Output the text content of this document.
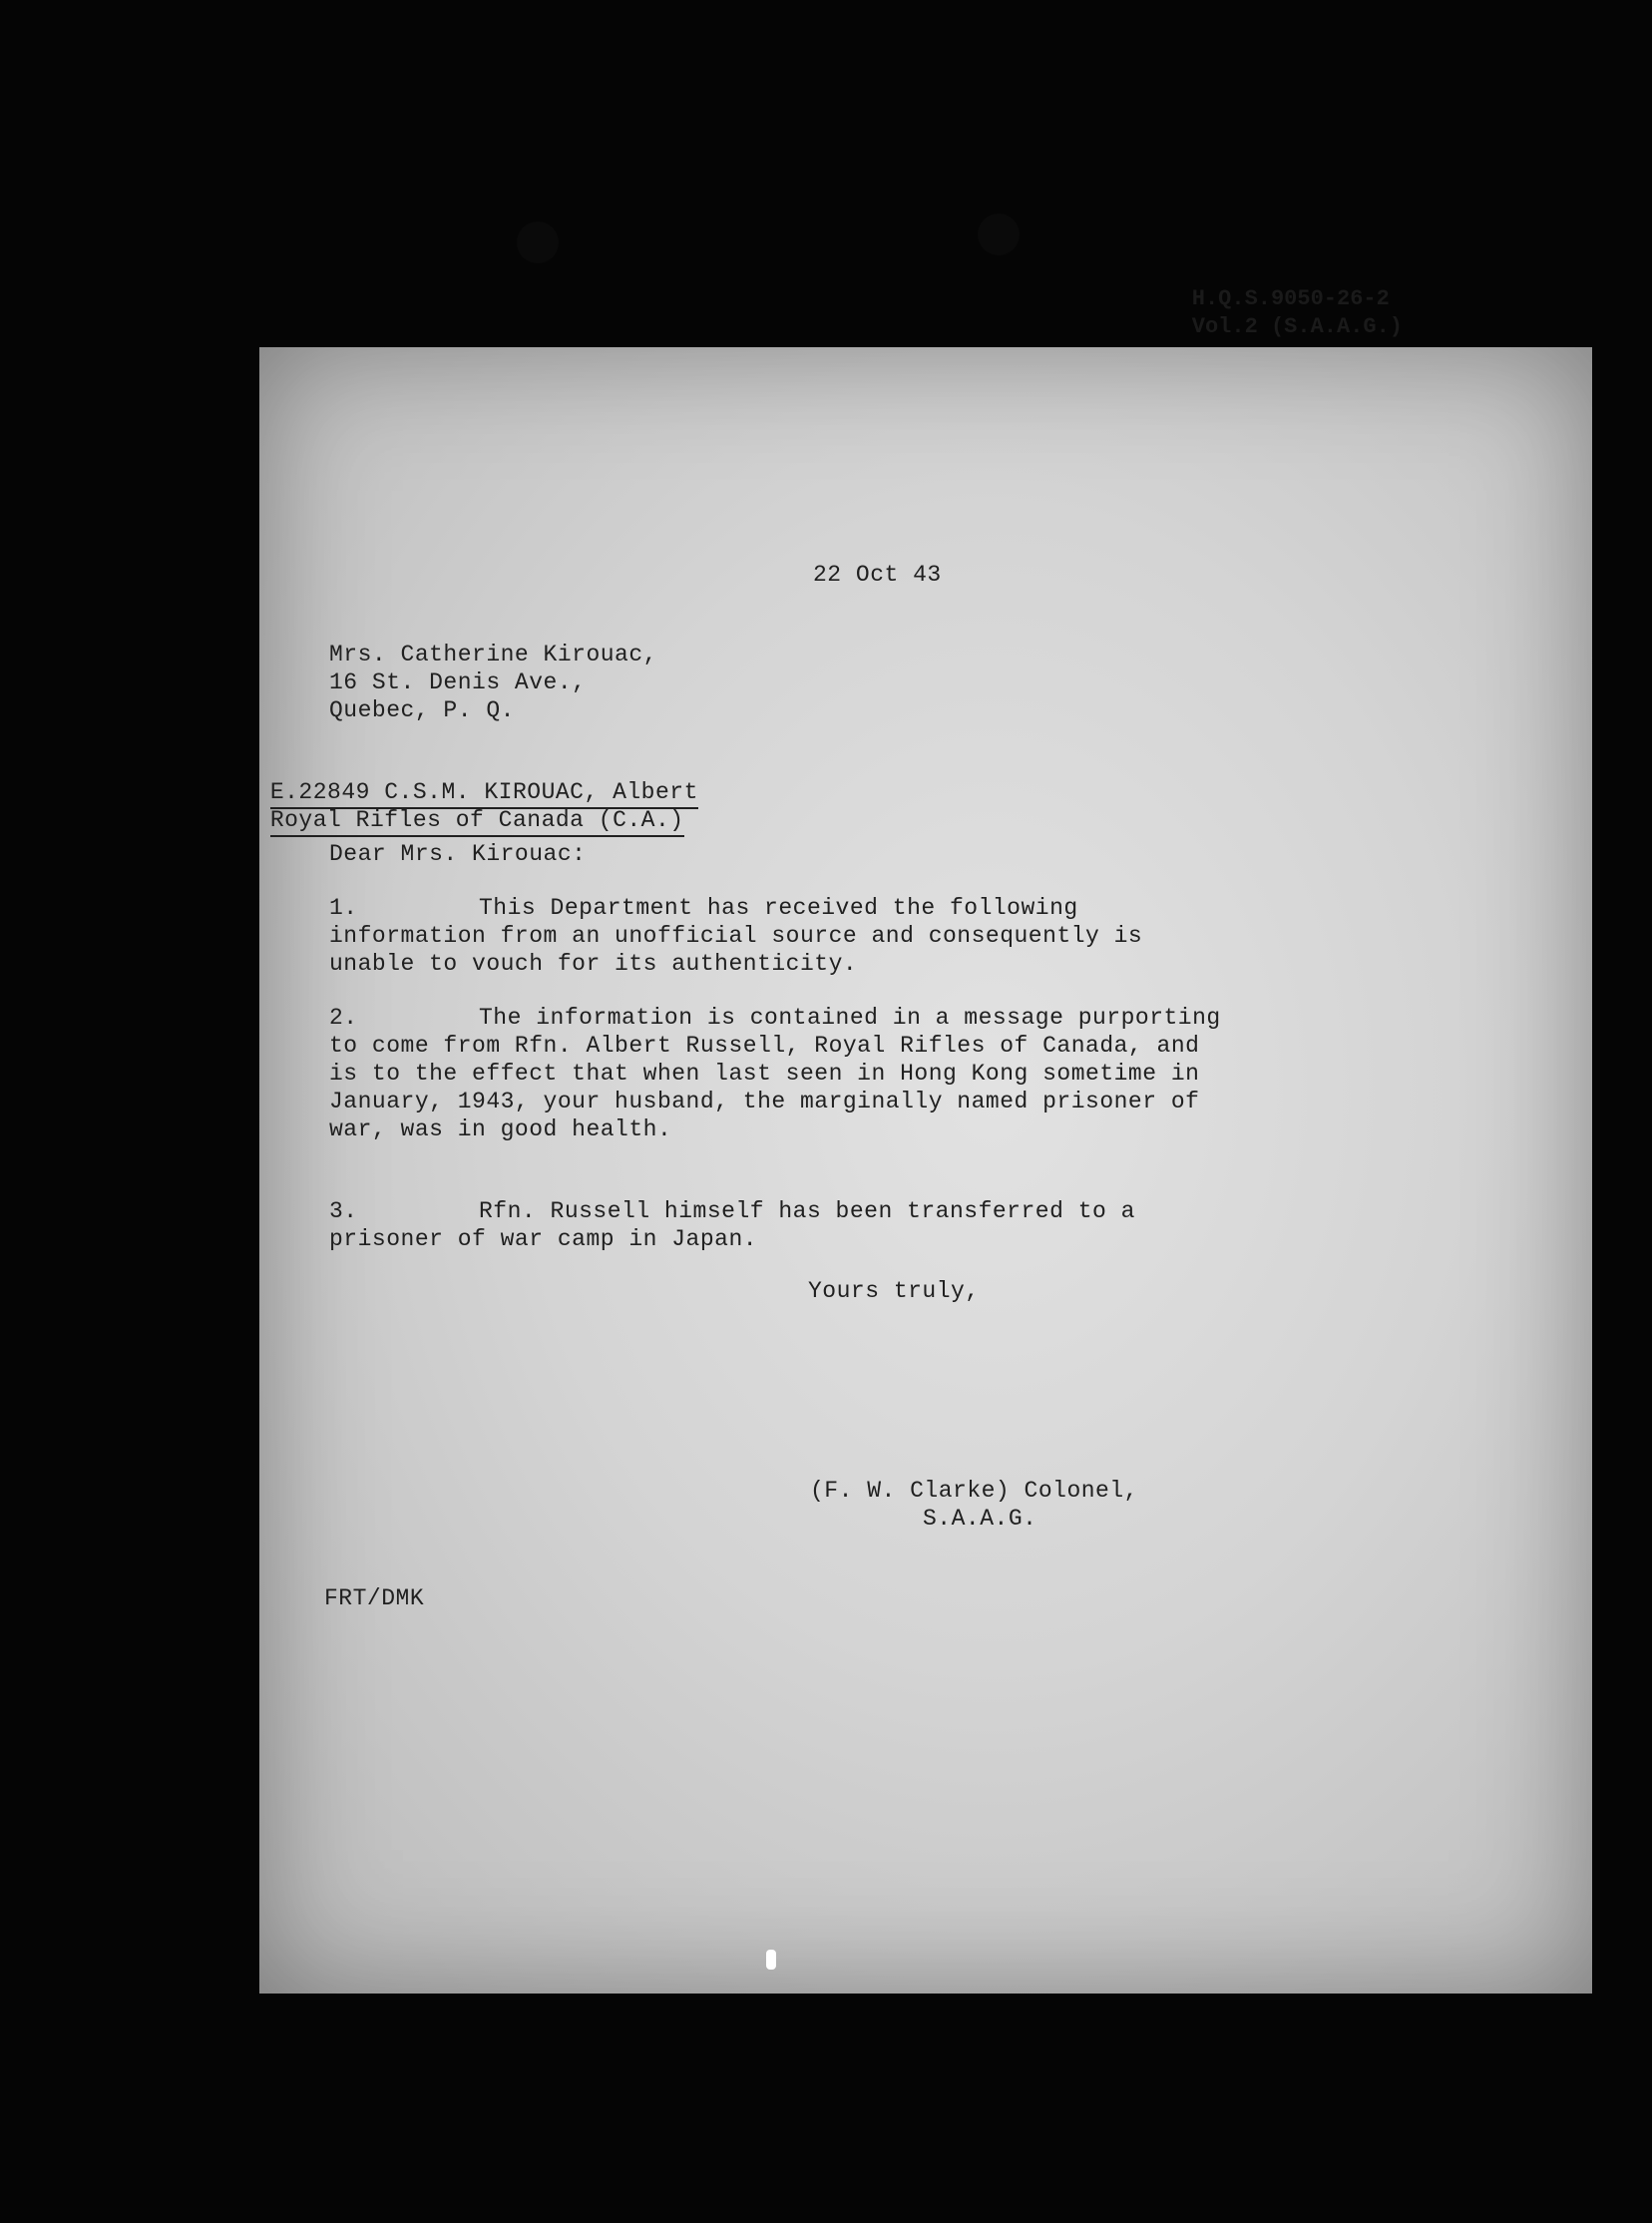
H.Q.S.9050-26-2
Vol.2 (S.A.A.G.)
22 Oct 43
Mrs. Catherine Kirouac,
16 St. Denis Ave.,
Quebec, P. Q.

E.22849 C.S.M. KIROUAC, Albert

Royal Rifles of Canada (C.A.)

Dear Mrs. Kirouac:
1.	This Department has received the following information from an unofficial source and consequently is unable to vouch for its authenticity.
2.	The information is contained in a message purporting to come from Rfn. Albert Russell, Royal Rifles of Canada, and is to the effect that when last seen in Hong Kong sometime in January, 1943, your husband, the marginally named prisoner of war, was in good health.
3.	Rfn. Russell himself has been transferred to a prisoner of war camp in Japan.
Yours truly,
(F. W. Clarke) Colonel,
S.A.A.G.
FRT/DMK
